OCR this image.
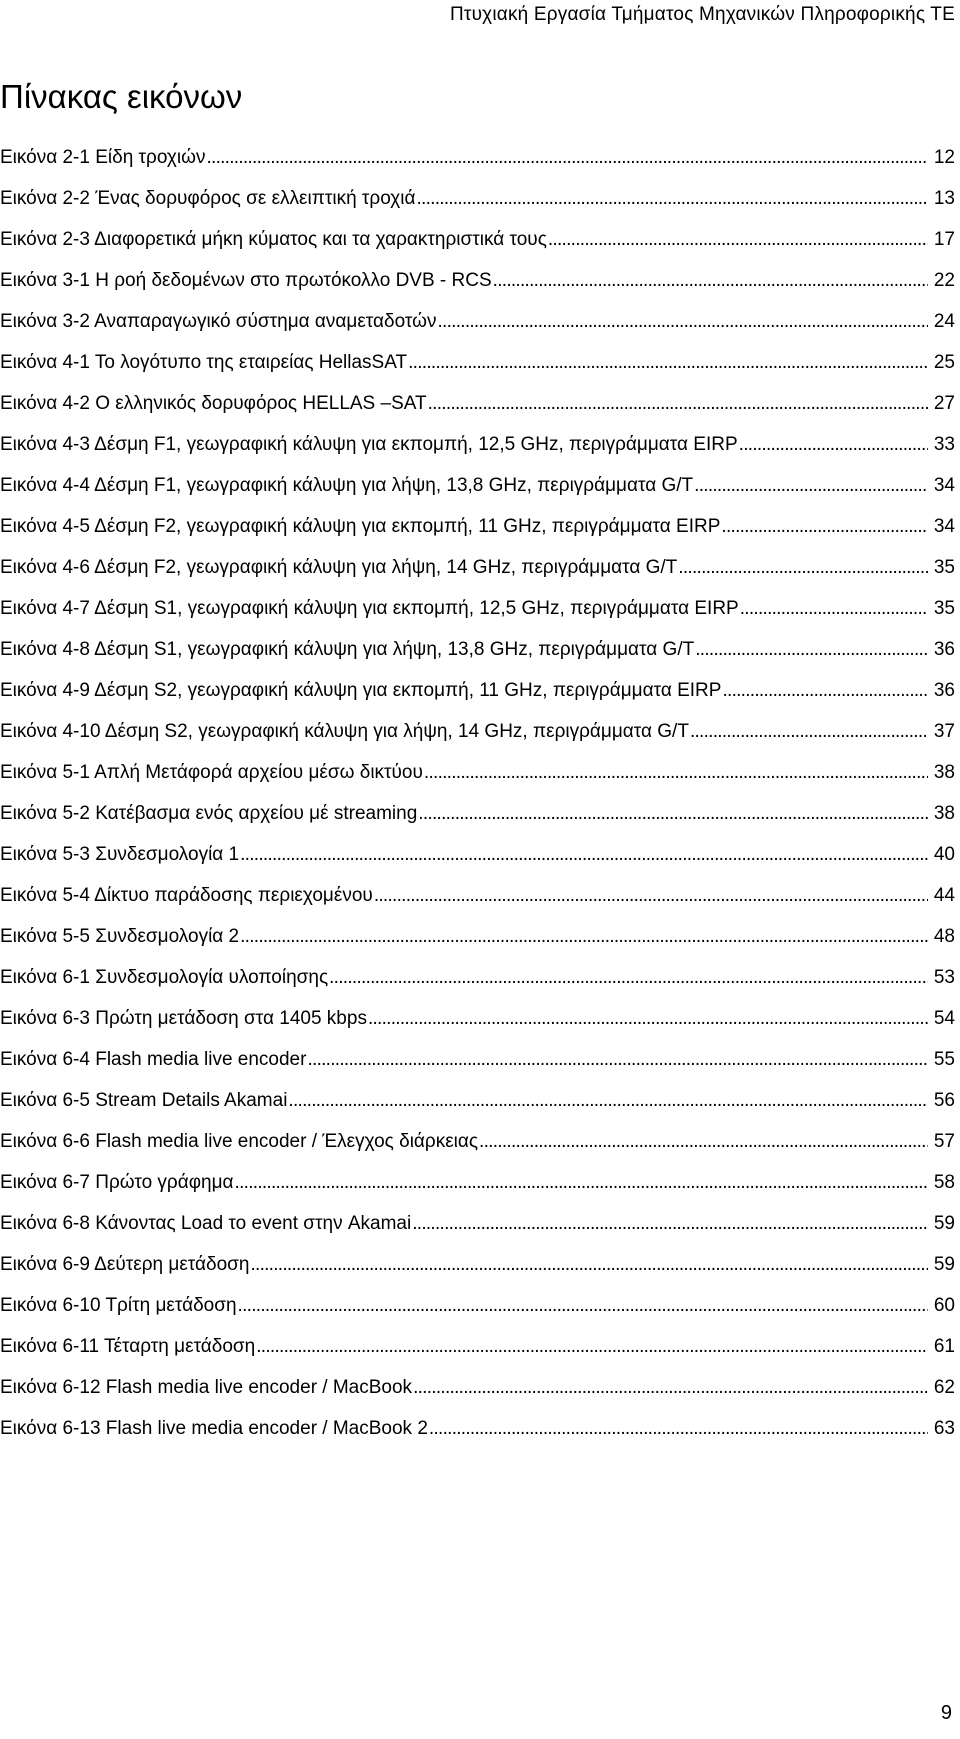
Πτυχιακή Εργασία Τμήματος Μηχανικών Πληροφορικής ΤΕ
Πίνακας εικόνων
Εικόνα 2-1 Είδη τροχιών . . .	12
Εικόνα 2-2 Ένας δορυφόρος σε ελλειπτική τροχιά . . .	13
Εικόνα 2-3 Διαφορετικά μήκη κύματος και τα χαρακτηριστικά τους . . .	17
Εικόνα 3-1 Η ροή δεδομένων στο πρωτόκολλο DVB - RCS . . .	22
Εικόνα 3-2 Αναπαραγωγικό σύστημα αναμεταδοτών . . .	24
Εικόνα 4-1 Το λογότυπο της εταιρείας HellasSAT . . .	25
Εικόνα 4-2 Ο ελληνικός δορυφόρος HELLAS –SAT . . .	27
Εικόνα 4-3 Δέσμη F1, γεωγραφική κάλυψη για εκπομπή, 12,5 GHz, περιγράμματα EIRP . . .	33
Εικόνα 4-4 Δέσμη F1, γεωγραφική κάλυψη για λήψη, 13,8 GHz, περιγράμματα G/T . . .	34
Εικόνα 4-5 Δέσμη F2, γεωγραφική κάλυψη για εκπομπή, 11 GHz, περιγράμματα EIRP . . .	34
Εικόνα 4-6 Δέσμη F2, γεωγραφική κάλυψη για λήψη, 14 GHz, περιγράμματα G/T . . .	35
Εικόνα 4-7 Δέσμη S1, γεωγραφική κάλυψη για εκπομπή, 12,5 GHz, περιγράμματα EIRP . . .	35
Εικόνα 4-8 Δέσμη S1, γεωγραφική κάλυψη για λήψη, 13,8 GHz, περιγράμματα G/T . . .	36
Εικόνα 4-9 Δέσμη S2, γεωγραφική κάλυψη για εκπομπή, 11 GHz, περιγράμματα EIRP . . .	36
Εικόνα 4-10 Δέσμη S2, γεωγραφική κάλυψη για λήψη, 14 GHz, περιγράμματα G/T . . .	37
Εικόνα 5-1 Απλή Μετάφορά αρχείου μέσω δικτύου . . .	38
Εικόνα 5-2 Κατέβασμα ενός αρχείου μέ streaming . . .	38
Εικόνα 5-3 Συνδεσμολογία 1 . . .	40
Εικόνα 5-4 Δίκτυο παράδοσης περιεχομένου . . .	44
Εικόνα 5-5 Συνδεσμολογία 2 . . .	48
Εικόνα 6-1 Συνδεσμολογία υλοποίησης . . .	53
Εικόνα 6-3 Πρώτη μετάδοση στα 1405 kbps . . .	54
Εικόνα 6-4 Flash media live encoder . . .	55
Εικόνα 6-5 Stream Details Akamai . . .	56
Εικόνα 6-6 Flash media live encoder / Έλεγχος διάρκειας . . .	57
Εικόνα 6-7 Πρώτο γράφημα . . .	58
Εικόνα 6-8 Κάνοντας Load το event στην Akamai . . .	59
Εικόνα 6-9 Δεύτερη μετάδοση . . .	59
Εικόνα 6-10 Τρίτη μετάδοση . . .	60
Εικόνα 6-11 Τέταρτη μετάδοση . . .	61
Εικόνα 6-12 Flash media live encoder / MacBook . . .	62
Εικόνα 6-13 Flash live media encoder / MacBook 2 . . .	63
9
